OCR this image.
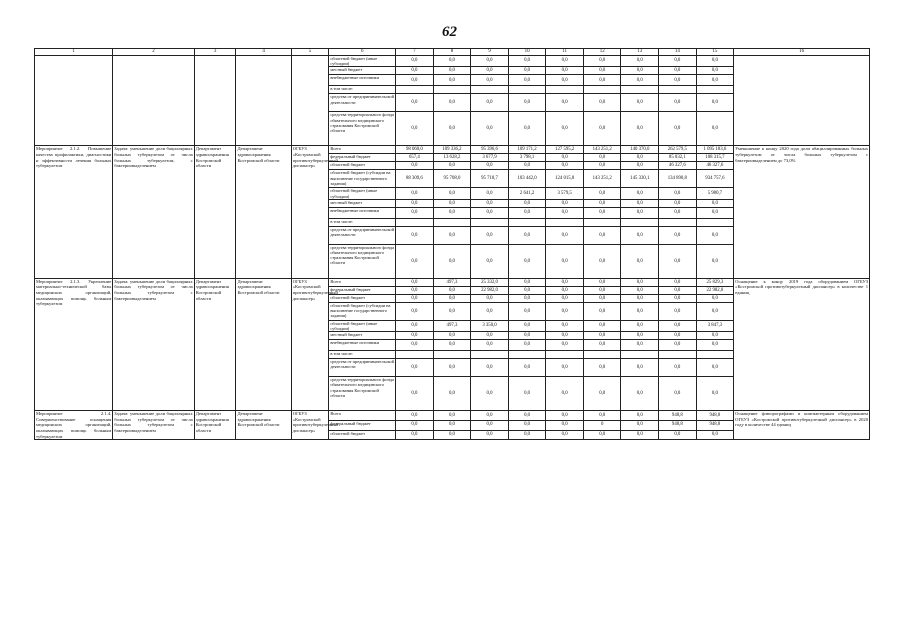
62
1	2	3	4	5	6	7	8	9	10	11	12	13	14	15	16
					областной бюджет (иные субсидии)	0,0	0,0	0,0	0,0	0,0	0,0	0,0	0,0	0,0	
					местный бюджет	0,0	0,0	0,0	0,0	0,0	0,0	0,0	0,0	0,0	
					внебюджетные источники	0,0	0,0	0,0	0,0	0,0	0,0	0,0	0,0	0,0	
					в том числе:										
					средства от предпринимательской деятельности	0,0	0,0	0,0	0,0	0,0	0,0	0,0	0,0	0,0	
					средства территориального фонда обязательного медицинского страхования Костромской области	0,0	0,0	0,0	0,0	0,0	0,0	0,0	0,0	0,0	
Мероприятие 2.1.2. Повышение качества профилактики, диагностики и эффективности лечения больных туберкулезом	Задача: уменьшение доли бациллярных больных туберкулезом от числа больных туберкулезом, с бактериовыделением	Департамент здравоохранения Костромской области	Департамент здравоохранения Костромской области	ОГБУЗ «Костромской противотуберкулезный диспансер»	Всего	98 060,0	109 336,2	95 396,6	109 171,2	127 595,2	143 251,2	140 370,0	262 579,5	1 095 183,6	Уменьшение к концу 2020 года доли абациллированных больных туберкулезом от числа больных туберкулезом с бактериовыделением до 73,0%
					федеральный бюджет	657,4	13 628,2	3 677,9	3 798,1	0,0	0,0	0,0	85 032,1	108 315,7	
					областной бюджет	0,0	0,0	0,0	0,0	0,0	0,0	0,0	46 327,6	46 327,6	
					областной бюджет (субсидии на выполнение государственного задания)	88 309,6	95 708,0	95 718,7	103 442,0	124 015,8	143 251,2	145 330,1	134 890,8	934 757,6	
					областной бюджет (иные субсидии)	0,0	0,0	0,0	2 641,2	3 579,5	0,0	0,0	0,0	5 980,7	
					местный бюджет	0,0	0,0	0,0	0,0	0,0	0,0	0,0	0,0	0,0	
					внебюджетные источники	0,0	0,0	0,0	0,0	0,0	0,0	0,0	0,0	0,0	
					в том числе:										
					средства от предпринимательской деятельности	0,0	0,0	0,0	0,0	0,0	0,0	0,0	0,0	0,0	
					средства территориального фонда обязательного медицинского страхования Костромской области	0,0	0,0	0,0	0,0	0,0	0,0	0,0	0,0	0,0	
Мероприятие 2.1.3. Укрепление материально-технической базы медицинских организаций, оказывающих помощь больным туберкулезом	Задача: уменьшение доли бациллярных больных туберкулезом от числа больных туберкулезом с бактериовыделением	Департамент здравоохранения Костромской области	Департамент здравоохранения Костромской области	ОГБУЗ «Костромской противотуберкулезный диспансер»	Всего	0,0	497,3	25 332,0	0,0	0,0	0,0	0,0	0,0	25 829,3	Оснащение к концу 2019 года оборудованием ОГБУЗ «Костромской противотуберкулезный диспансер» в количестве 1 единиц
					федеральный бюджет	0,0	0,0	22 982,0	0,0	0,0	0,0	0,0	0,0	22 982,0	
					областной бюджет	0,0	0,0	0,0	0,0	0,0	0,0	0,0	0,0	0,0	
					областной бюджет (субсидии на выполнение государственного задания)	0,0	0,0	0,0	0,0	0,0	0,0	0,0	0,0	0,0	
					областной бюджет (иные субсидии)	0,0	497,3	3 350,0	0,0	0,0	0,0	0,0	0,0	3 847,3	
					местный бюджет	0,0	0,0	0,0	0,0	0,0	0,0	0,0	0,0	0,0	
					внебюджетные источники	0,0	0,0	0,0	0,0	0,0	0,0	0,0	0,0	0,0	
					в том числе:										
					средства от предпринимательской деятельности	0,0	0,0	0,0	0,0	0,0	0,0	0,0	0,0	0,0	
					средства территориального фонда обязательного медицинского страхования Костромской области	0,0	0,0	0,0	0,0	0,0	0,0	0,0	0,0	0,0	
Мероприятие 2.1.4. Совершенствование оснащения медицинских организаций, оказывающих помощь больным туберкулезом	Задача: уменьшение доли бациллярных больных туберкулезом от числа больных туберкулезом с бактериовыделением	Департамент здравоохранения Костромской области	Департамент здравоохранения Костромской области	ОГБУЗ «Костромской противотуберкулезный диспансер»	Всего	0,0	0,0	0,0	0,0	0,0	0,0	0,0	948,8	948,8	Оснащение флюорографами и компьютерным оборудованием ОГБУЗ «Костромской противотуберкулезный диспансер» в 2020 году в количестве 44 единиц
					федеральный бюджет	0,0	0,0	0,0	0,0	0,0	0	0,0	948,8	948,8	
					областной бюджет	0,0	0,0	0,0	0,0	0,0	0,0	0,0	0,0	0,0	
